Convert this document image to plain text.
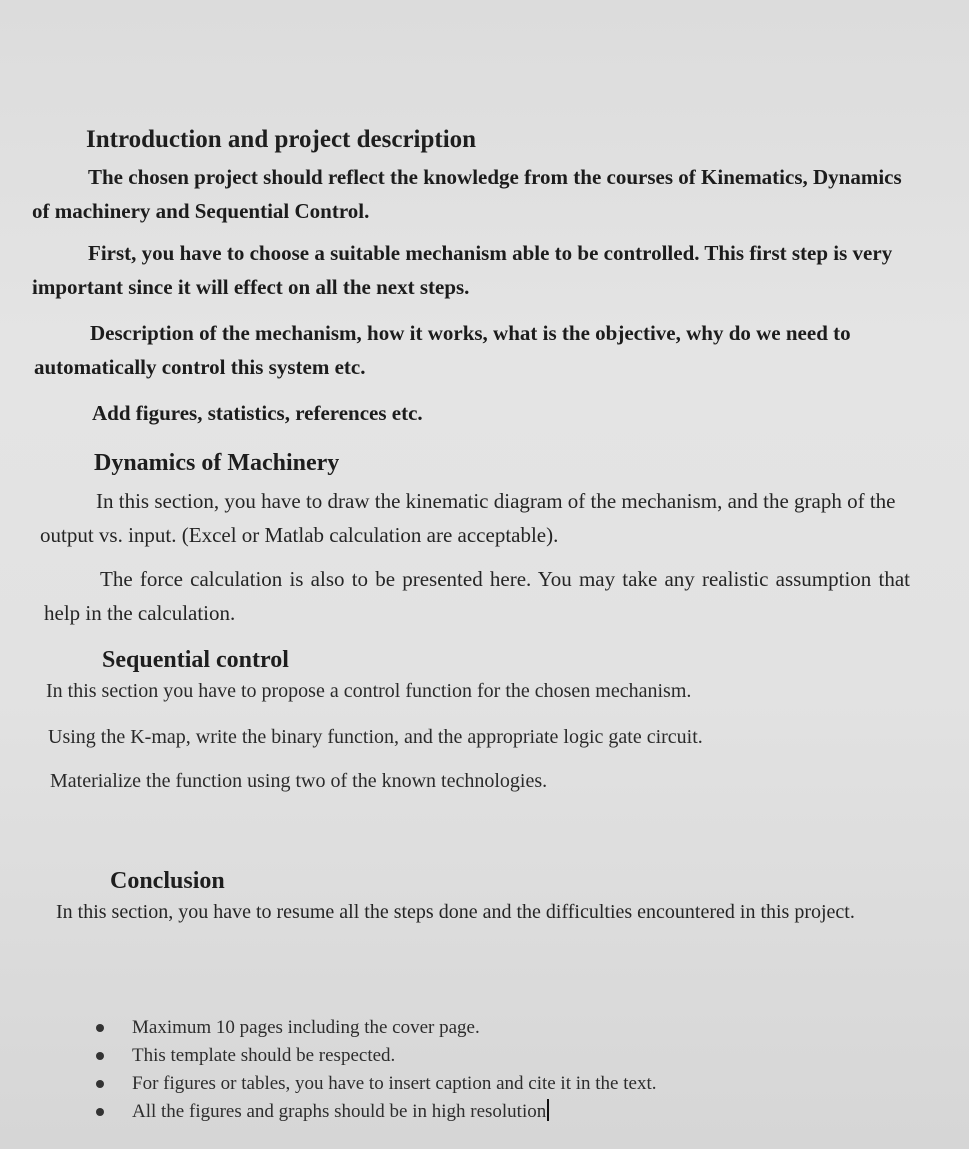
Introduction and project description
The chosen project should reflect the knowledge from the courses of Kinematics, Dynamics of machinery and Sequential Control.
First, you have to choose a suitable mechanism able to be controlled. This first step is very important since it will effect on all the next steps.
Description of the mechanism, how it works, what is the objective, why do we need to automatically control this system etc.
Add figures, statistics, references etc.
Dynamics of Machinery
In this section, you have to draw the kinematic diagram of the mechanism, and the graph of the output vs. input. (Excel or Matlab calculation are acceptable).
The force calculation is also to be presented here. You may take any realistic assumption that help in the calculation.
Sequential control
In this section you have to propose a control function for the chosen mechanism.
Using the K-map, write the binary function, and the appropriate logic gate circuit.
Materialize the function using two of the known technologies.
Conclusion
In this section, you have to resume all the steps done and the difficulties encountered in this project.
Maximum 10 pages including the cover page.
This template should be respected.
For figures or tables, you have to insert caption and cite it in the text.
All the figures and graphs should be in high resolution
